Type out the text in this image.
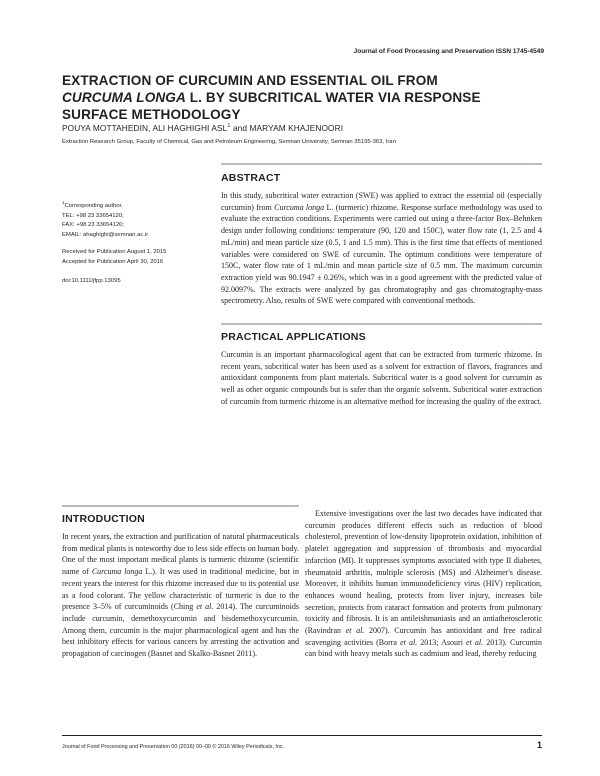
Journal of Food Processing and Preservation ISSN 1745-4549
EXTRACTION OF CURCUMIN AND ESSENTIAL OIL FROM
CURCUMA LONGA L. BY SUBCRITICAL WATER VIA RESPONSE
SURFACE METHODOLOGY
POUYA MOTTAHEDIN, ALI HAGHIGHI ASL$^1$ and MARYAM KHAJENOORI
Extraction Research Group, Faculty of Chemical, Gas and Petroleum Engineering, Semnan University, Semnan 35195-363, Iran
$^1$Corresponding author.
TEL: +98 23 33654120;
FAX: +98 23 33654120;
EMAIL: ahaghighi@semnan.ac.ir
Received for Publication August 1, 2015
Accepted for Publication April 30, 2016
doi:10.1111/jfpp.13095
ABSTRACT
In this study, subcritical water extraction (SWE) was applied to extract the essential oil (especially curcumin) from Curcuma longa L. (turmeric) rhizome. Response surface methodology was used to evaluate the extraction conditions. Experiments were carried out using a three-factor Box–Behnken design under following conditions: temperature (90, 120 and 150C), water flow rate (1, 2.5 and 4 mL/min) and mean particle size (0.5, 1 and 1.5 mm). This is the first time that effects of mentioned variables were considered on SWE of curcumin. The optimum conditions were temperature of 150C, water flow rate of 1 mL/min and mean particle size of 0.5 mm. The maximum curcumin extraction yield was 90.1947 ± 0.26%, which was in a good agreement with the predicted value of 92.0097%. The extracts were analyzed by gas chromatography and gas chromatography-mass spectrometry. Also, results of SWE were compared with conventional methods.
PRACTICAL APPLICATIONS
Curcumin is an important pharmacological agent that can be extracted from turmeric rhizome. In recent years, subcritical water has been used as a solvent for extraction of flavors, fragrances and antioxidant components from plant materials. Subcritical water is a good solvent for curcumin as well as other organic compounds but is safer than the organic solvents. Subcritical water extraction of curcumin from turmeric rhizome is an alternative method for increasing the quality of the extract.
INTRODUCTION
In recent years, the extraction and purification of natural pharmaceuticals from medical plants is noteworthy due to less side effects on human body. One of the most important medical plants is turmeric rhizome (scientific name of Curcuma longa L.). It was used in traditional medicine, but in recent years the interest for this rhizome increased due to its potential use as a food colorant. The yellow characteristic of turmeric is due to the presence 3–5% of curcuminoids (Ching et al. 2014). The curcuminoids include curcumin, demethoxycurcumin and bisdemethoxycurcumin. Among them, curcumin is the major pharmacological agent and has the best inhibitory effects for various cancers by arresting the activation and propagation of carcinogen (Basnet and Skalko-Basnet 2011).
Extensive investigations over the last two decades have indicated that curcumin produces different effects such as reduction of blood cholesterol, prevention of low-density lipoprotein oxidation, inhibition of platelet aggregation and suppression of thrombosis and myocardial infarction (MI). It suppresses symptoms associated with type II diabetes, rheumatoid arthritis, multiple sclerosis (MS) and Alzheimer's disease. Moreover, it inhibits human immunodeficiency virus (HIV) replication, enhances wound healing, protects from liver injury, increases bile secretion, protects from cataract formation and protects from pulmonary toxicity and fibrosis. It is an antileishmaniasis and an antiatherosclerotic (Ravindran et al. 2007). Curcumin has antioxidant and free radical scavenging activities (Borra et al. 2013; Asouri et al. 2013). Curcumin can bind with heavy metals such as cadmium and lead, thereby reducing
Journal of Food Processing and Preservation 00 (2016) 00–00 © 2016 Wiley Periodicals, Inc.	1
